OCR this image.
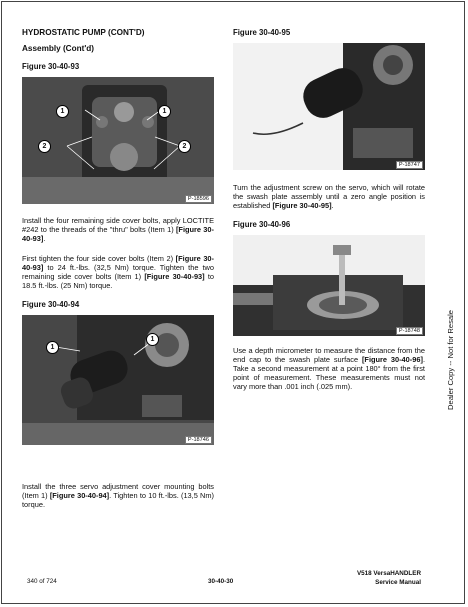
HYDROSTATIC PUMP (CONT'D)
Assembly (Cont'd)
Figure 30-40-93
1	1
2	2
P-18596
Install the four remaining side cover bolts, apply LOCTITE #242 to the threads of the "thru" bolts (Item 1) [Figure 30-40-93].
First tighten the four side cover bolts (Item 2) [Figure 30-40-93] to 24 ft.-lbs. (32,5 Nm) torque. Tighten the two remaining side cover bolts (Item 1) [Figure 30-40-93] to 18.5 ft.-lbs. (25 Nm) torque.
Figure 30-40-94
1
1
P-18746
Install the three servo adjustment cover mounting bolts (Item 1) [Figure 30-40-94]. Tighten to 10 ft.-lbs. (13,5 Nm) torque.
Figure 30-40-95
P-18747
Turn the adjustment screw on the servo, which will rotate the swash plate assembly until a zero angle position is established [Figure 30-40-95].
Figure 30-40-96
P-18748
Use a depth micrometer to measure the distance from the end cap to the swash plate surface [Figure 30-40-96]. Take a second measurement at a point 180° from the first point of measurement. These measurements must not vary more than .001 inch (.025 mm).	Dealer Copy -- Not for Resale
340 of 724	30-40-30
V518 VersaHANDLER
Service Manual
